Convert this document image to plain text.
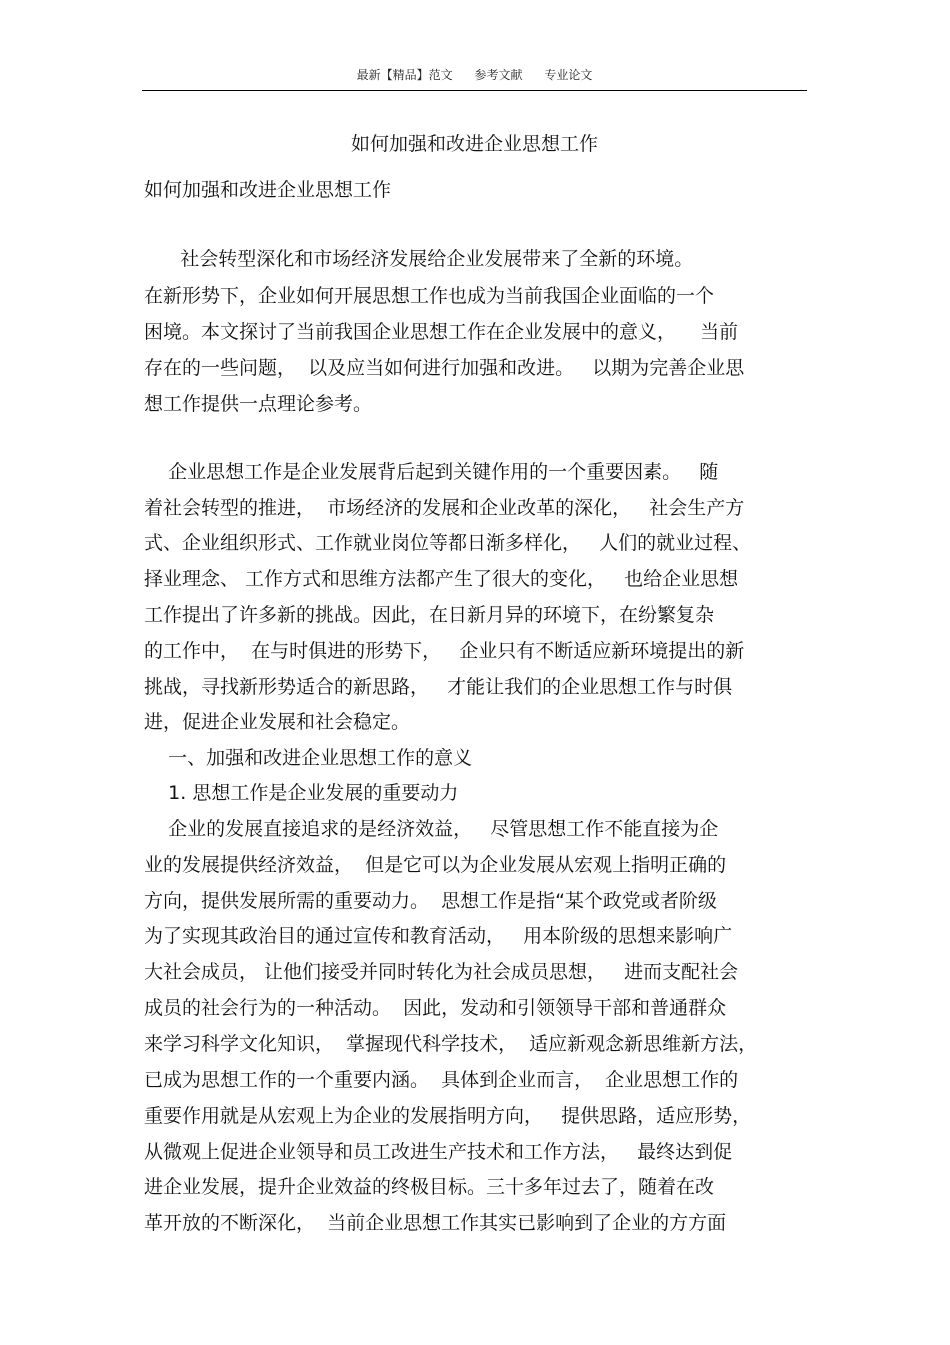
最新【精品】范文 参考文献 专业论文
如何加强和改进企业思想工作
如何加强和改进企业思想工作
社会转型深化和市场经济发展给企业发展带来了全新的环境。
在新形势下，企业如何开展思想工作也成为当前我国企业面临的一个
困境。本文探讨了当前我国企业思想工作在企业发展中的意义，    当前
存在的一些问题，  以及应当如何进行加强和改进。   以期为完善企业思
想工作提供一点理论参考。
企业思想工作是企业发展背后起到关键作用的一个重要因素。   随
着社会转型的推进，  市场经济的发展和企业改革的深化，   社会生产方
式、企业组织形式、工作就业岗位等都日渐多样化，   人们的就业过程、
择业理念、 工作方式和思维方法都产生了很大的变化，   也给企业思想
工作提出了许多新的挑战。因此，在日新月异的环境下，在纷繁复杂
的工作中，  在与时俱进的形势下，   企业只有不断适应新环境提出的新
挑战，寻找新形势适合的新思路，   才能让我们的企业思想工作与时俱
进，促进企业发展和社会稳定。
一、加强和改进企业思想工作的意义
1. 思想工作是企业发展的重要动力
企业的发展直接追求的是经济效益，   尽管思想工作不能直接为企
业的发展提供经济效益，  但是它可以为企业发展从宏观上指明正确的
方向，提供发展所需的重要动力。  思想工作是指“某个政党或者阶级
为了实现其政治目的通过宣传和教育活动，   用本阶级的思想来影响广
大社会成员， 让他们接受并同时转化为社会成员思想，   进而支配社会
成员的社会行为的一种活动。  因此，发动和引领领导干部和普通群众
来学习科学文化知识，  掌握现代科学技术，  适应新观念新思维新方法，
已成为思想工作的一个重要内涵。  具体到企业而言，  企业思想工作的
重要作用就是从宏观上为企业的发展指明方向，   提供思路，适应形势，
从微观上促进企业领导和员工改进生产技术和工作方法，   最终达到促
进企业发展，提升企业效益的终极目标。三十多年过去了，随着在改
革开放的不断深化，  当前企业思想工作其实已影响到了企业的方方面
